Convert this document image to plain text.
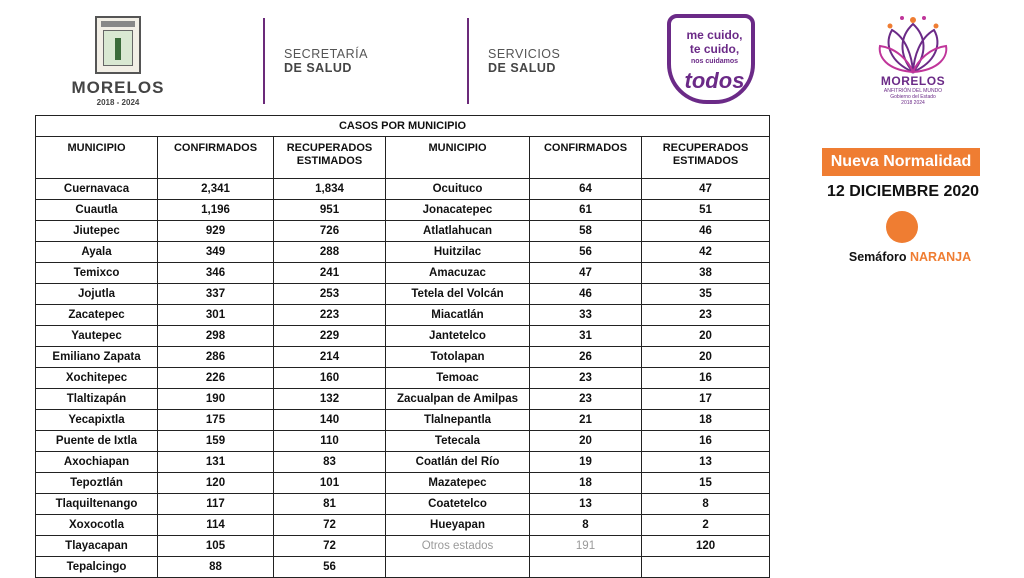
MORELOS
2018 - 2024
SECRETARÍA
DE SALUD
SERVICIOS
DE SALUD
me cuido,
te cuido,
nos cuidamos
todos	MORELOS
ANFITRIÓN DEL MUNDO
Gobierno del Estado
2018 2024
CASOS POR MUNICIPIO					
MUNICIPIO	CONFIRMADOS	RECUPERADOS ESTIMADOS	MUNICIPIO	CONFIRMADOS	RECUPERADOS ESTIMADOS
Cuernavaca	2,341	1,834	Ocuituco	64	47
Cuautla	1,196	951	Jonacatepec	61	51
Jiutepec	929	726	Atlatlahucan	58	46
Ayala	349	288	Huitzilac	56	42
Temixco	346	241	Amacuzac	47	38
Jojutla	337	253	Tetela del Volcán	46	35
Zacatepec	301	223	Miacatlán	33	23
Yautepec	298	229	Jantetelco	31	20
Emiliano Zapata	286	214	Totolapan	26	20
Xochitepec	226	160	Temoac	23	16
Tlaltizapán	190	132	Zacualpan de Amilpas	23	17
Yecapixtla	175	140	Tlalnepantla	21	18
Puente de Ixtla	159	110	Tetecala	20	16
Axochiapan	131	83	Coatlán del Río	19	13
Tepoztlán	120	101	Mazatepec	18	15
Tlaquiltenango	117	81	Coatetelco	13	8
Xoxocotla	114	72	Hueyapan	8	2
Tlayacapan	105	72	Otros estados	191	120
Tepalcingo	88	56			
Nueva Normalidad
12 DICIEMBRE 2020
Semáforo NARANJA
